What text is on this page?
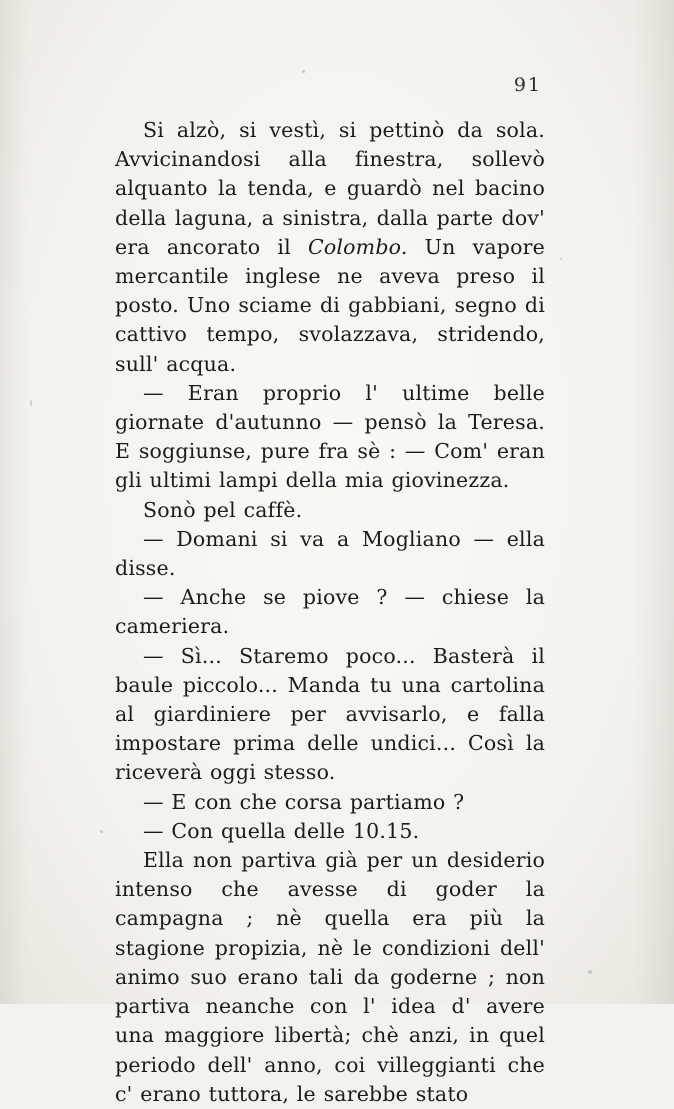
91

Si alzò, si vestì, si pettinò da sola. Avvicinandosi alla finestra, sollevò alquanto la tenda, e guardò nel bacino della laguna, a sinistra, dalla parte dov' era ancorato il Colombo. Un vapore mercantile inglese ne aveva preso il posto. Uno sciame di gabbiani, segno di cattivo tempo, svolazzava, stridendo, sull' acqua.

— Eran proprio l' ultime belle giornate d'autunno — pensò la Teresa. E soggiunse, pure fra sè : — Com' eran gli ultimi lampi della mia giovinezza.

Sonò pel caffè.

— Domani si va a Mogliano — ella disse.

— Anche se piove ? — chiese la cameriera.

— Sì... Staremo poco... Basterà il baule piccolo... Manda tu una cartolina al giardiniere per avvisarlo, e falla impostare prima delle undici... Così la riceverà oggi stesso.

— E con che corsa partiamo ?

— Con quella delle 10.15.

Ella non partiva già per un desiderio intenso che avesse di goder la campagna ; nè quella era più la stagione propizia, nè le condizioni dell' animo suo erano tali da goderne ; non partiva neanche con l' idea d' avere una maggiore libertà; chè anzi, in quel periodo dell' anno, coi villeggianti che c' erano tuttora, le sarebbe stato
